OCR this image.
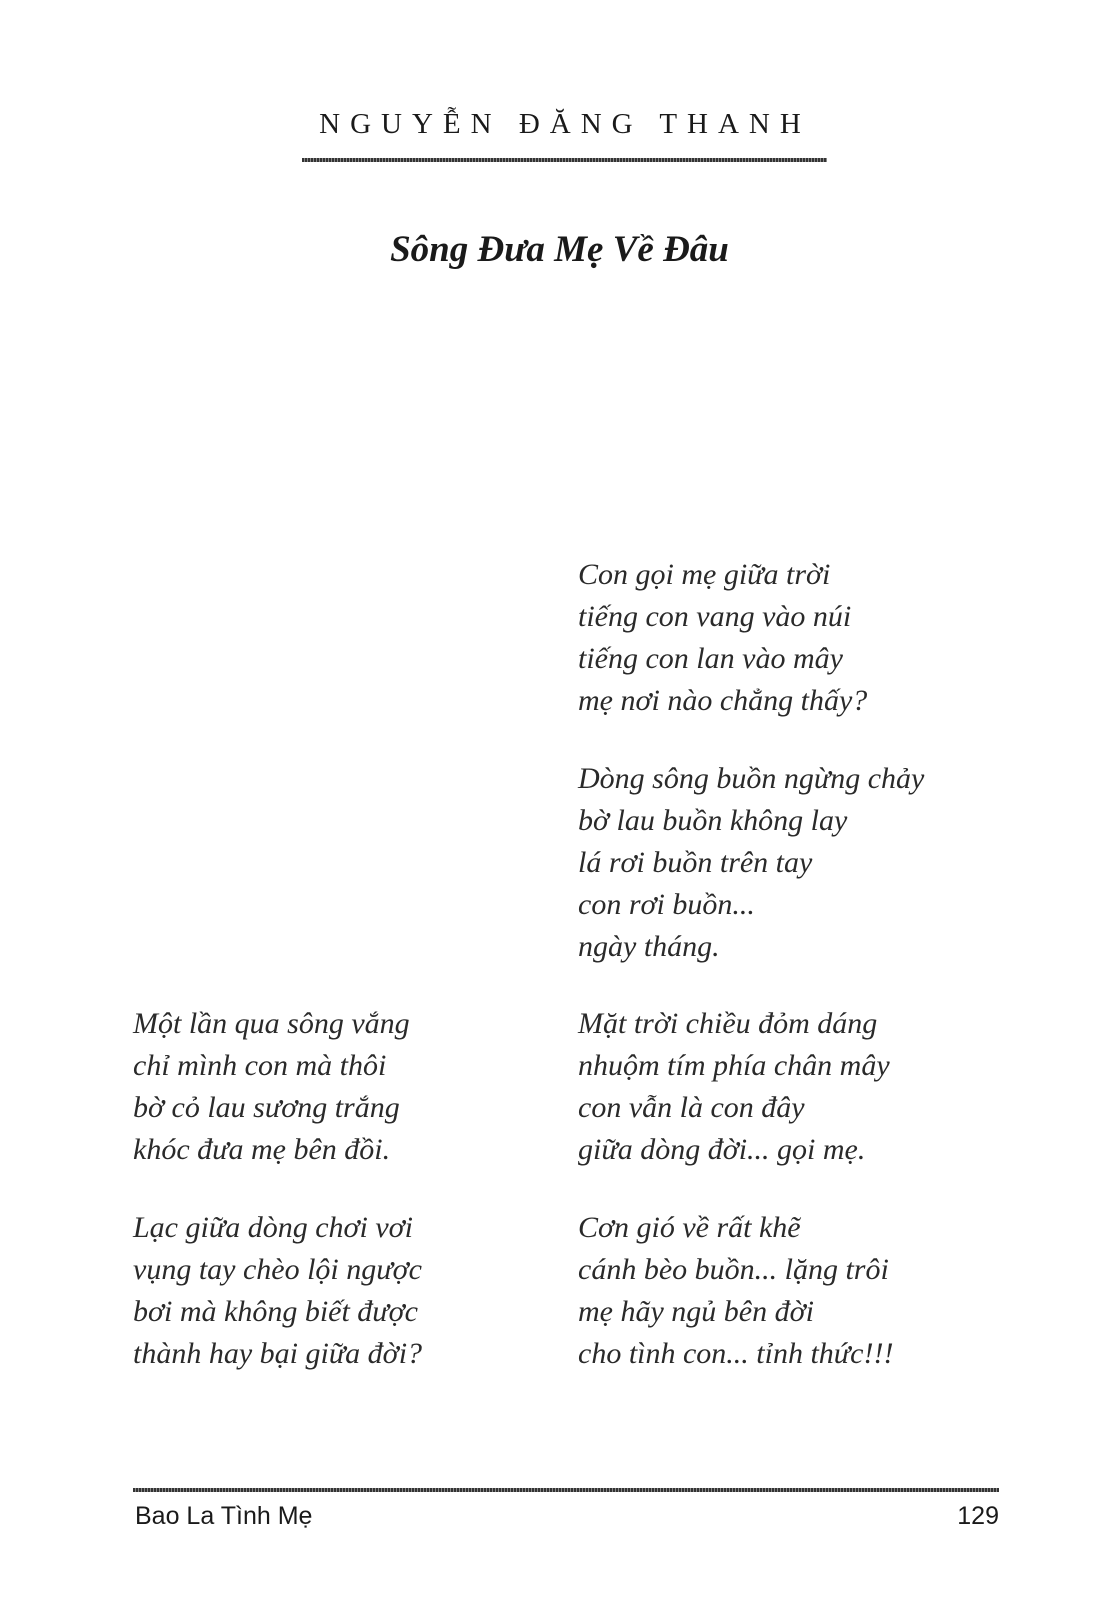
NGUYỄN ĐĂNG THANH
Sông Đưa Mẹ Về Đâu
Con gọi mẹ giữa trời
tiếng con vang vào núi
tiếng con lan vào mây
mẹ nơi nào chẳng thấy?
Dòng sông buồn ngừng chảy
bờ lau buồn không lay
lá rơi buồn trên tay
con rơi buồn...
ngày tháng.
Mặt trời chiều đỏm dáng
nhuộm tím phía chân mây
con vẫn là con đây
giữa dòng đời... gọi mẹ.
Cơn gió về rất khẽ
cánh bèo buồn... lặng trôi
mẹ hãy ngủ bên đời
cho tình con... tỉnh thức!!!
Một lần qua sông vắng
chỉ mình con mà thôi
bờ cỏ lau sương trắng
khóc đưa mẹ bên đồi.
Lạc giữa dòng chơi vơi
vụng tay chèo lội ngược
bơi mà không biết được
thành hay bại giữa đời?
Bao La Tình Mẹ	129
